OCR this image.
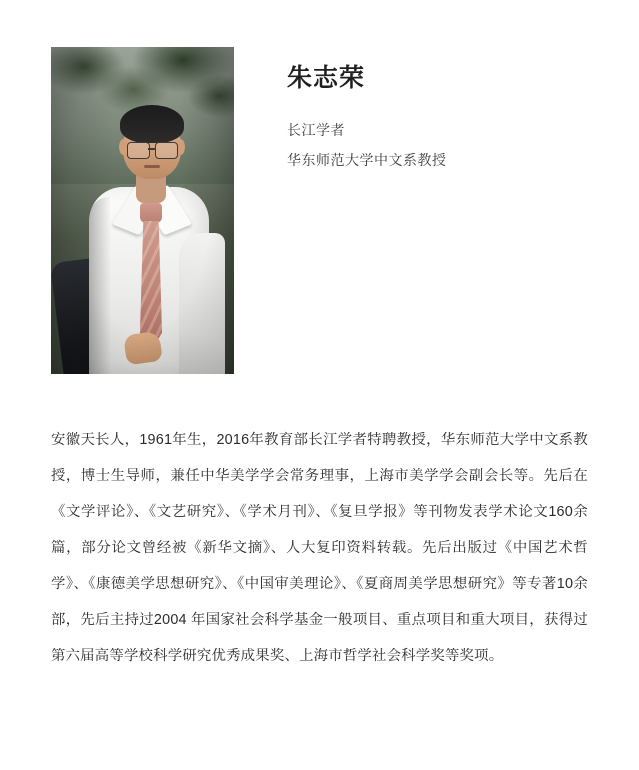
朱志荣
长江学者
华东师范大学中文系教授

安徽天长人，1961年生，2016年教育部长江学者特聘教授，华东师范大学中文系教授，博士生导师，兼任中华美学学会常务理事，上海市美学学会副会长等。先后在《文学评论》、《文艺研究》、《学术月刊》、《复旦学报》等刊物发表学术论文160余篇，部分论文曾经被《新华文摘》、人大复印资料转载。先后出版过《中国艺术哲学》、《康德美学思想研究》、《中国审美理论》、《夏商周美学思想研究》等专著10余部，先后主持过2004 年国家社会科学基金一般项目、重点项目和重大项目，获得过第六届高等学校科学研究优秀成果奖、上海市哲学社会科学奖等奖项。
